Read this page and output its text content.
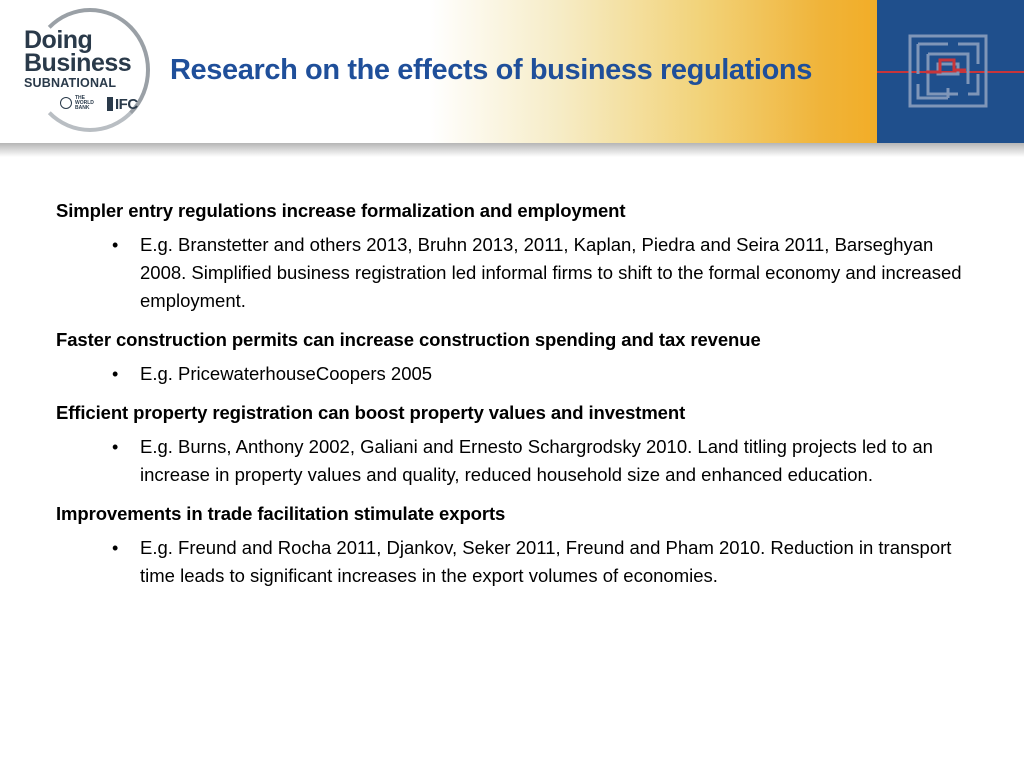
Doing
Business
SUBNATIONAL
THE WORLD BANK	IFC
Research on the effects of business regulations
Simpler entry regulations increase formalization and employment
• E.g. Branstetter and others 2013, Bruhn 2013, 2011, Kaplan, Piedra and Seira 2011, Barseghyan 2008. Simplified business registration led informal firms to shift to the formal economy and increased employment.
Faster construction permits can increase construction spending and tax revenue
• E.g. PricewaterhouseCoopers 2005
Efficient property registration can boost property values and investment
• E.g. Burns, Anthony 2002, Galiani and Ernesto Schargrodsky 2010. Land titling projects led to an increase in property values and quality, reduced household size and enhanced education.
Improvements in trade facilitation stimulate exports
• E.g. Freund and Rocha 2011, Djankov, Seker 2011, Freund and Pham 2010. Reduction in transport time leads to significant increases in the export volumes of economies.
